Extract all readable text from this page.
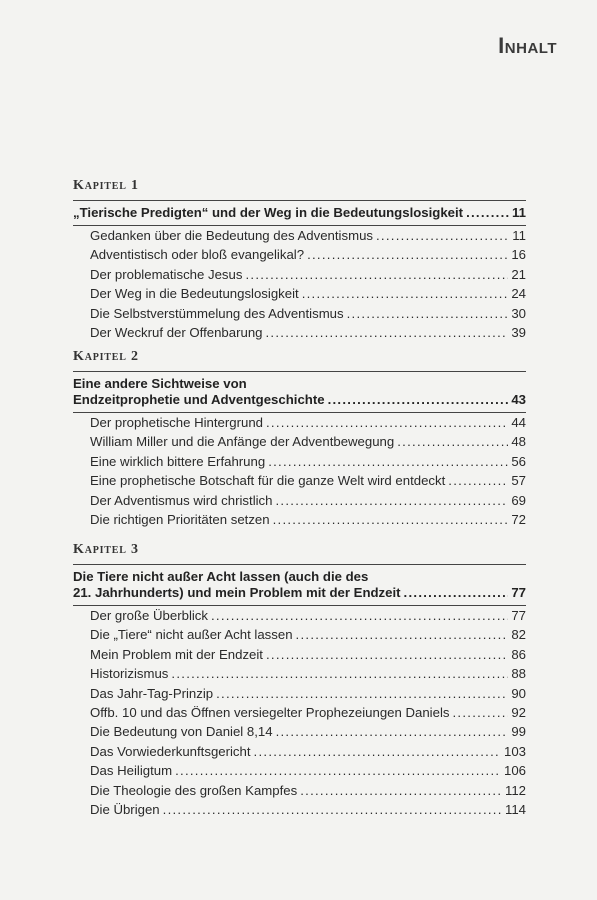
Inhalt
Kapitel 1
„Tierische Predigten“ und der Weg in die Bedeutungslosigkeit . . .	11
Gedanken über die Bedeutung des Adventismus . . .	11
Adventistisch oder bloß evangelikal? . . .	16
Der problematische Jesus . . .	21
Der Weg in die Bedeutungslosigkeit . . .	24
Die Selbstverstümmelung des Adventismus . . .	30
Der Weckruf der Offenbarung . . .	39
Kapitel 2
Eine andere Sichtweise von
Endzeitprophetie und Adventgeschichte . . .	43
Der prophetische Hintergrund . . .	44
William Miller und die Anfänge der Adventbewegung . . .	48
Eine wirklich bittere Erfahrung . . .	56
Eine prophetische Botschaft für die ganze Welt wird entdeckt . . .	57
Der Adventismus wird christlich . . .	69
Die richtigen Prioritäten setzen . . .	72
Kapitel 3
Die Tiere nicht außer Acht lassen (auch die des
21. Jahrhunderts) und mein Problem mit der Endzeit . . .	77
Der große Überblick . . .	77
Die „Tiere“ nicht außer Acht lassen . . .	82
Mein Problem mit der Endzeit . . .	86
Historizismus . . .	88
Das Jahr-Tag-Prinzip . . .	90
Offb. 10 und das Öffnen versiegelter Prophezeiungen Daniels . . .	92
Die Bedeutung von Daniel 8,14 . . .	99
Das Vorwiederkunftsgericht . . .	103
Das Heiligtum . . .	106
Die Theologie des großen Kampfes . . .	112
Die Übrigen . . .	114
